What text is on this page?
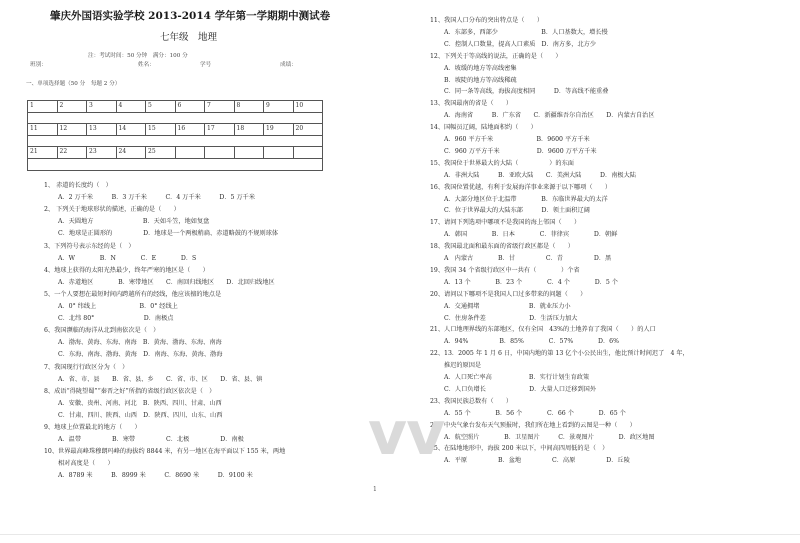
肇庆外国语实验学校 2013-2014 学年第一学期期中测试卷
七年级　地理
注：考试时间：50 分钟　满分：100 分
班别：	姓名：	学号	成绩：
一、单项选择题（50 分　每题 2 分）
1	2	3	4	5	6	7	8	9	10

11	12	13	14	15	16	17	18	19	20

21	22	23	24	25					

1、 赤道的长度约（　）
A．2 万千米　　　B．3 万千米　　　C．4 万千米　　　D．5 万千米
2、 下列关于地球形状的描述，正确的是（　　）
A．天圆地方　　　　　　　　B．天如斗笠，地如复盘
C．地球是正圆形的　　　　　D．地球是一个两极稍扁、赤道略鼓的不规则球体
3、下列符号表示东经的是（　）
A．W　　　　B．N　　　　C．E　　　　D．S
4、地球上获得的太阳光热最少，终年严寒的地区是（　　）
A．赤道地区　　　　B．寒带地区　　C．南回归线地区　　D．北回归线地区
5、一个人要想在最短时间内跨越所有的经线，他应该擅的地点是
A．0° 纬线上　　　　　　　B．0° 经线上
C．北纬 80°　　　　　　　　D．南极点
6、我国濒临的海洋从北到南依次是（　）
A．渤海、黄海、东海、南海　B．黄海、渤海、东海、南海
C．东海、南海、渤海、黄海　D．南海、东海、黄海、渤海
7、我国现行行政区分为（　）
A．省、市、县　　B．省、县、乡　　C．省、市、区　　D．省、县、镇
8、成语“得陇望蜀”“秦晋之好”所指的省级行政区依次是（　）
A．安徽、贵州、河南、河北　B．陕西、四川、甘肃、山西
C．甘肃、四川、陕西、山西　D．陕西、四川、山东、山西
9、地球上位置最北的地方（　　）
A．温带　　　　　B．寒带　　　　　C．北极　　　　　D．南极
10、世界最高峰珠穆朗玛峰的海拔约 8844 米，有另一地区在海平面以下 155 米，两地
相对高度是（　　）
A．8789 米　　　B．8999 米　　　C．8690 米　　　D．9100 米
11、我国人口分布的突出特点是（　　）
A．东部多，西部少　　　　　　　B．人口基数大，增长慢
C．控制人口数量，提高人口素质　D．南方多，北方少
12、下列关于等高线的说法，正确的是（　　）
A．坡缓的地方等高线密集
B．坡陡的地方等高线稀疏
C．同一条等高线，海拔高度相同　　　D．等高线不能重叠
13、我国最南的省是（　　）
A．海南省　　　B．广东省　　C．新疆维吾尔自治区　　D．内蒙古自治区
14、国幅员辽阔，陆地面积约（　　）
A．960 平方千米　　　　　　　B．9600 平方千米
C．960 万平方千米　　　　　　D．9600 万平方千米
15、我国位于世界最大的大陆（　　　　　）的东面
A．非洲大陆　　　B．亚欧大陆　　C．美洲大陆　　　D．南极大陆
16、我国位置优越，有利于发展海洋事业来源于以下哪项（　　）
A．大部分地区位于北温带　　　　B．东临世界最大的太洋
C．位于世界最大的大陆东部　　　D．领土面积辽阔
17、请问下列选项中哪项不是我国的海上邻国（　　）
A．韩国　　　　B．日本　　　　C．菲律宾　　　　D．朝鲜
18、我国最北面和最东面的省级行政区都是（　　）
A　内蒙古　　　　B．甘　　　　　C．青　　　　　D．黑
19、我国 34 个省级行政区中一共有（　　　　）个省
A．13 个　　　　B．23 个　　　　C．4 个　　　　D．5 个
20、请问以下哪项不是我国人口过多带来的问题（　　）
A．交通拥堵　　　　　　　　B．就业压力小
C．住房条件差　　　　　　　D．生活压力加大
21、人口地理界线的东部地区，仅有全国　43%的土地养育了我国（　　）的人口
A．94%　　　　　B．85%　　　　C．57%　　　　D．6%
22、13．2005 年 1 月 6 日，中国内地的第 13 亿个小公民出生，他比预计时间迟了　4 年，
推迟的原因是
A．人口死亡率高　　　　　　B．实行计划生育政策
C．人口负增长　　　　　　　D．大量人口迁移到国外
23、我国民族总数有（　　）
A．55 个　　　　B．56 个　　　　C．66 个　　　　D．65 个
24、中央气象台发布天气预报时，我们所在地上看到的云图是一种（　　）
A．航空照片　　　　B．卫星图片　　　C．景观图片　　　　D．政区地图
25、在陆地地形中，海拔 200 米以下，中间高四周低的是（　）
A．平原　　　　　B．盆地　　　　　C．高原　　　　　D．丘陵
1
vv
